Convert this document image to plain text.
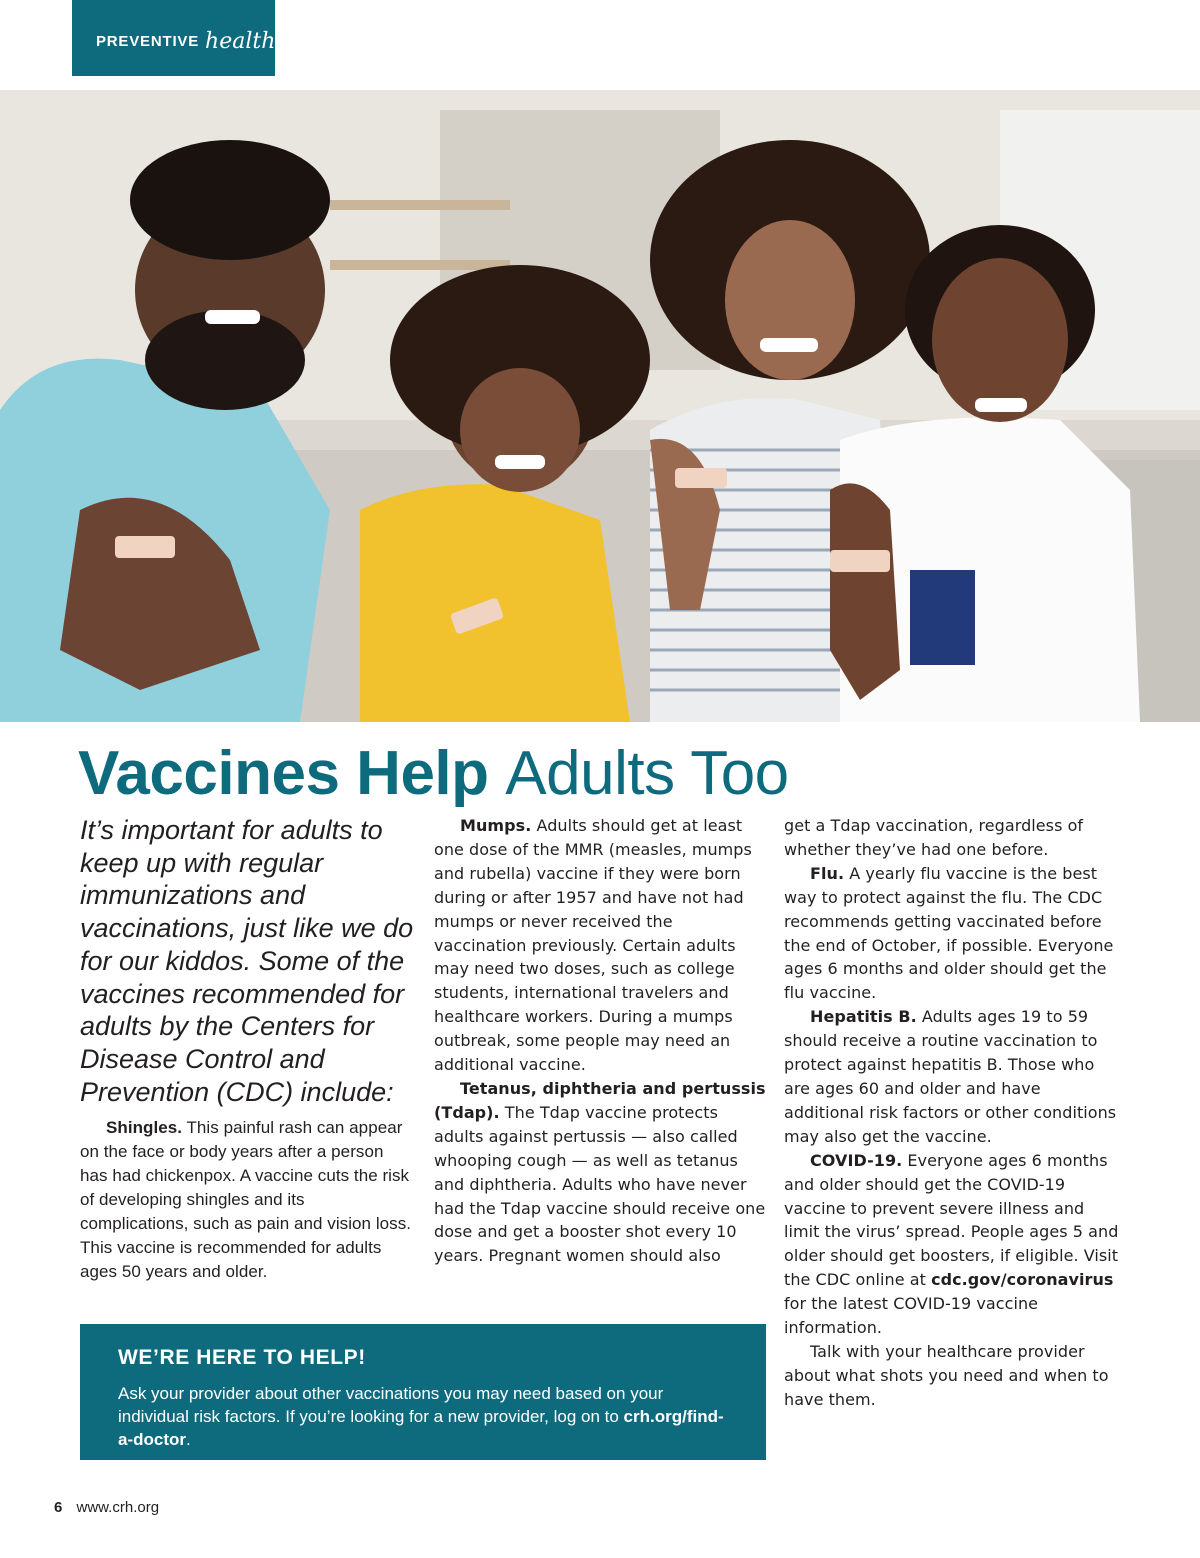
PREVENTIVE health
Vaccines Help Adults Too

It’s important for adults to keep up with regular immunizations and vaccinations, just like we do for our kiddos. Some of the vaccines recommended for adults by the Centers for Disease Control and Prevention (CDC) include:

Shingles. This painful rash can appear on the face or body years after a person has had chickenpox. A vaccine cuts the risk of developing shingles and its complications, such as pain and vision loss. This vaccine is recommended for adults ages 50 years and older.

Mumps. Adults should get at least one dose of the MMR (measles, mumps and rubella) vaccine if they were born during or after 1957 and have not had mumps or never received the vaccination previously. Certain adults may need two doses, such as college students, international travelers and healthcare workers. During a mumps outbreak, some people may need an additional vaccine.

Tetanus, diphtheria and pertussis (Tdap). The Tdap vaccine protects adults against pertussis — also called whooping cough — as well as tetanus and diphtheria. Adults who have never had the Tdap vaccine should receive one dose and get a booster shot every 10 years. Pregnant women should also

get a Tdap vaccination, regardless of whether they’ve had one before.

Flu. A yearly flu vaccine is the best way to protect against the flu. The CDC recommends getting vaccinated before the end of October, if possible. Everyone ages 6 months and older should get the flu vaccine.

Hepatitis B. Adults ages 19 to 59 should receive a routine vaccination to protect against hepatitis B. Those who are ages 60 and older and have additional risk factors or other conditions may also get the vaccine.

COVID-19. Everyone ages 6 months and older should get the COVID-19 vaccine to prevent severe illness and limit the virus’ spread. People ages 5 and older should get boosters, if eligible. Visit the CDC online at cdc.gov/coronavirus for the latest COVID-19 vaccine information.

Talk with your healthcare provider about what shots you need and when to have them.

WE’RE HERE TO HELP!

Ask your provider about other vaccinations you may need based on your individual risk factors. If you’re looking for a new provider, log on to crh.org/find-a-doctor.

6 www.crh.org
